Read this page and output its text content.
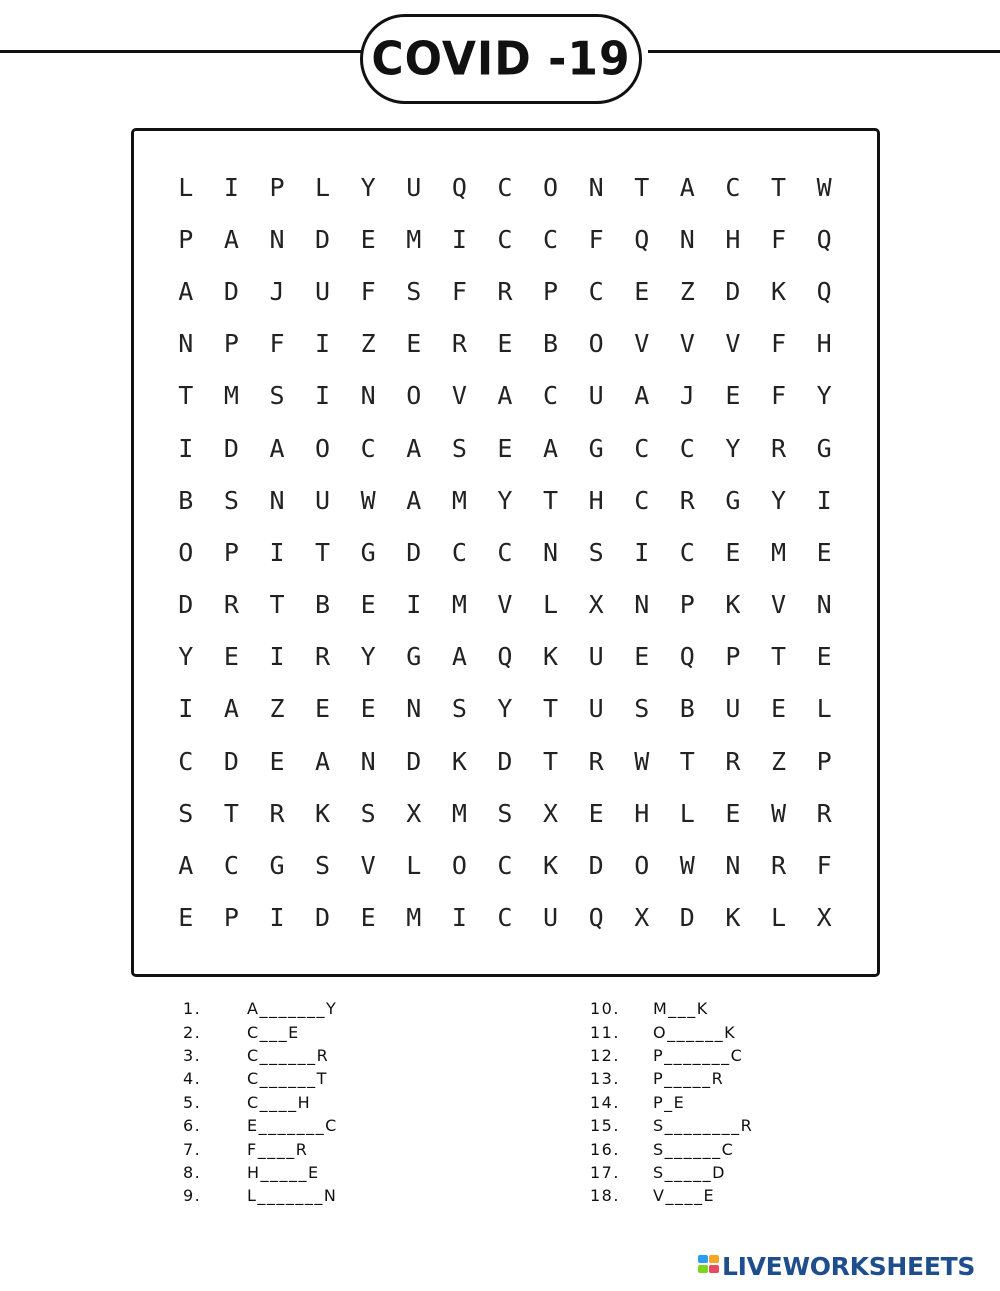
COVID -19
L	I	P	L	Y	U	Q	C	O	N	T	A	C	T	W
P	A	N	D	E	M	I	C	C	F	Q	N	H	F	Q
A	D	J	U	F	S	F	R	P	C	E	Z	D	K	Q
N	P	F	I	Z	E	R	E	B	O	V	V	V	F	H
T	M	S	I	N	O	V	A	C	U	A	J	E	F	Y
I	D	A	O	C	A	S	E	A	G	C	C	Y	R	G
B	S	N	U	W	A	M	Y	T	H	C	R	G	Y	I
O	P	I	T	G	D	C	C	N	S	I	C	E	M	E
D	R	T	B	E	I	M	V	L	X	N	P	K	V	N
Y	E	I	R	Y	G	A	Q	K	U	E	Q	P	T	E
I	A	Z	E	E	N	S	Y	T	U	S	B	U	E	L
C	D	E	A	N	D	K	D	T	R	W	T	R	Z	P
S	T	R	K	S	X	M	S	X	E	H	L	E	W	R
A	C	G	S	V	L	O	C	K	D	O	W	N	R	F
E	P	I	D	E	M	I	C	U	Q	X	D	K	L	X
1.	A_______Y
2.	C___E
3.	C______R
4.	C______T
5.	C____H
6.	E_______C
7.	F____R
8.	H_____E
9.	L_______N
10.	M___K
11.	O______K
12.	P_______C
13.	P_____R
14.	P_E
15.	S________R
16.	S______C
17.	S_____D
18.	V____E
LIVEWORKSHEETS
